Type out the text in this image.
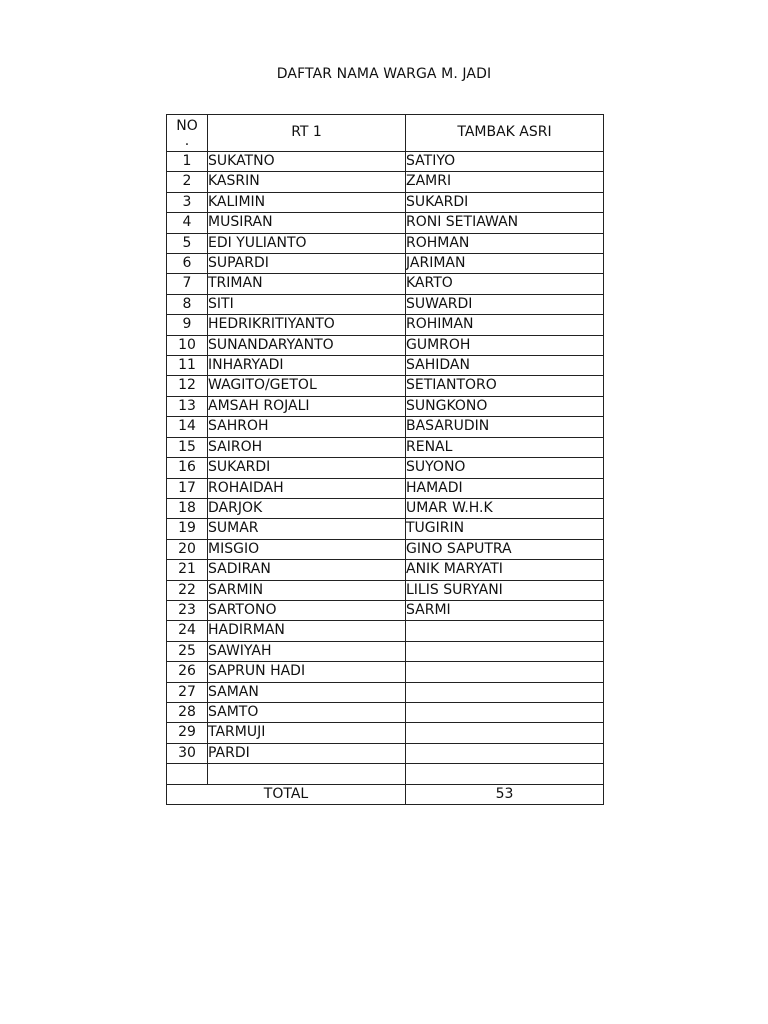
DAFTAR NAMA WARGA M. JADI
NO
.	RT 1	TAMBAK ASRI
1	SUKATNO	SATIYO
2	KASRIN	ZAMRI
3	KALIMIN	SUKARDI
4	MUSIRAN	RONI SETIAWAN
5	EDI YULIANTO	ROHMAN
6	SUPARDI	JARIMAN
7	TRIMAN	KARTO
8	SITI	SUWARDI
9	HEDRIKRITIYANTO	ROHIMAN
10	SUNANDARYANTO	GUMROH
11	INHARYADI	SAHIDAN
12	WAGITO/GETOL	SETIANTORO
13	AMSAH ROJALI	SUNGKONO
14	SAHROH	BASARUDIN
15	SAIROH	RENAL
16	SUKARDI	SUYONO
17	ROHAIDAH	HAMADI
18	DARJOK	UMAR W.H.K
19	SUMAR	TUGIRIN
20	MISGIO	GINO SAPUTRA
21	SADIRAN	ANIK MARYATI
22	SARMIN	LILIS SURYANI
23	SARTONO	SARMI
24	HADIRMAN	
25	SAWIYAH	
26	SAPRUN HADI	
27	SAMAN	
28	SAMTO	
29	TARMUJI	
30	PARDI	

TOTAL		53
